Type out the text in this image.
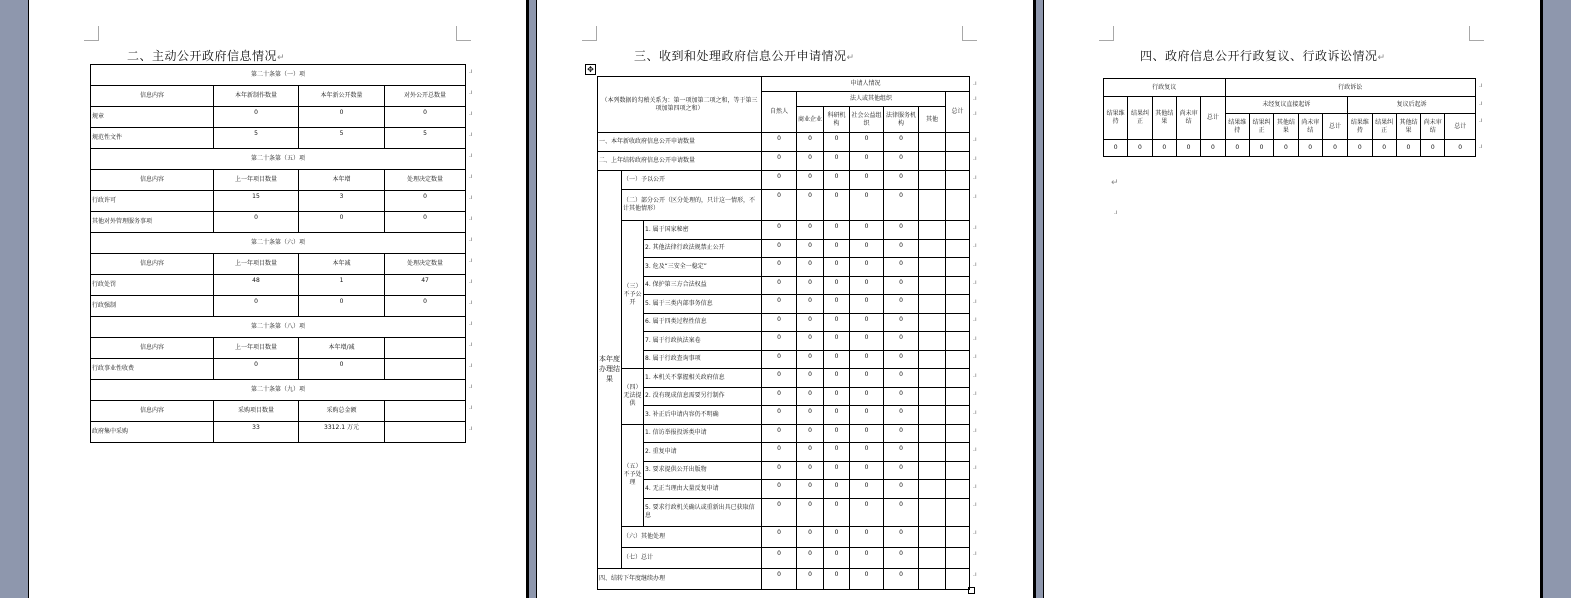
二、主动公开政府信息情况↵
第二十条第（一）项			
信息内容	本年新制作数量	本年新公开数量	对外公开总数量
规章	0	0	0
规范性文件	5	5	5
第二十条第（五）项			
信息内容	上一年项目数量	本年增	处理决定数量
行政许可	15	3	0
其他对外管理服务事项	0	0	0
第二十条第（六）项			
信息内容	上一年项目数量	本年减	处理决定数量
行政处罚	48	1	47
行政强制	0	0	0
第二十条第（八）项			
信息内容	上一年项目数量	本年增/减	
行政事业性收费	0	0	
第二十条第（九）项			
信息内容	采购项目数量	采购总金额	
政府集中采购	33	3312.1 万元	
.ı
.ı
.ı
.ı
.ı
.ı
.ı
.ı
.ı
.ı
.ı
.ı
.ı
.ı
.ı
.ı
.ı
.ı
三、收到和处理政府信息公开申请情况↵
✥
（本列数据的勾稽关系为：第一项加第二项之和，等于第三项加第四项之和）			申请人情况						
			自然人	法人或其他组织					总计
				商业企业	科研机构	社会公益组织	法律服务机构	其他	
一、本年新收政府信息公开申请数量			0	0	0	0	0		
二、上年结转政府信息公开申请数量			0	0	0	0	0		
本年度办理结果	（一）予以公开		0	0	0	0	0		
	（二）部分公开（区分处理的，只计这一情形，不计其他情形）		0	0	0	0	0		
	（三）不予公开	1. 属于国家秘密	0	0	0	0	0		
		2. 其他法律行政法规禁止公开	0	0	0	0	0		
		3. 危及“三安全一稳定”	0	0	0	0	0		
		4. 保护第三方合法权益	0	0	0	0	0		
		5. 属于三类内部事务信息	0	0	0	0	0		
		6. 属于四类过程性信息	0	0	0	0	0		
		7. 属于行政执法案卷	0	0	0	0	0		
		8. 属于行政查询事项	0	0	0	0	0		
	（四）无法提供	1. 本机关不掌握相关政府信息	0	0	0	0	0		
		2. 没有现成信息需要另行制作	0	0	0	0	0		
		3. 补正后申请内容仍不明确	0	0	0	0	0		
	（五）不予处理	1. 信访举报投诉类申请	0	0	0	0	0		
		2. 重复申请	0	0	0	0	0		
		3. 要求提供公开出版物	0	0	0	0	0		
		4. 无正当理由大量反复申请	0	0	0	0	0		
		5. 要求行政机关确认或重新出具已获取信息	0	0	0	0	0		
	（六）其他处理		0	0	0	0	0		
	（七）总计		0	0	0	0	0		
四、结转下年度继续办理			0	0	0	0	0		
.ı
.ı
.ı
.ı
.ı
.ı
.ı
.ı
.ı
.ı
.ı
.ı
.ı
.ı
.ı
.ı
.ı
.ı
.ı
.ı
.ı
.ı
.ı
.ı
.ı
.ı
四、政府信息公开行政复议、行政诉讼情况↵
行政复议					行政诉讼									
结果维持	结果纠正	其他结果	尚未审结	总计	未经复议直接起诉					复议后起诉				
					结果维持	结果纠正	其他结果	尚未审结	总计	结果维持	结果纠正	其他结果	尚未审结	总计
0	0	0	0	0	0	0	0	0	0	0	0	0	0	0
↵
.ı
.ı
.ı
.ı
.ı
